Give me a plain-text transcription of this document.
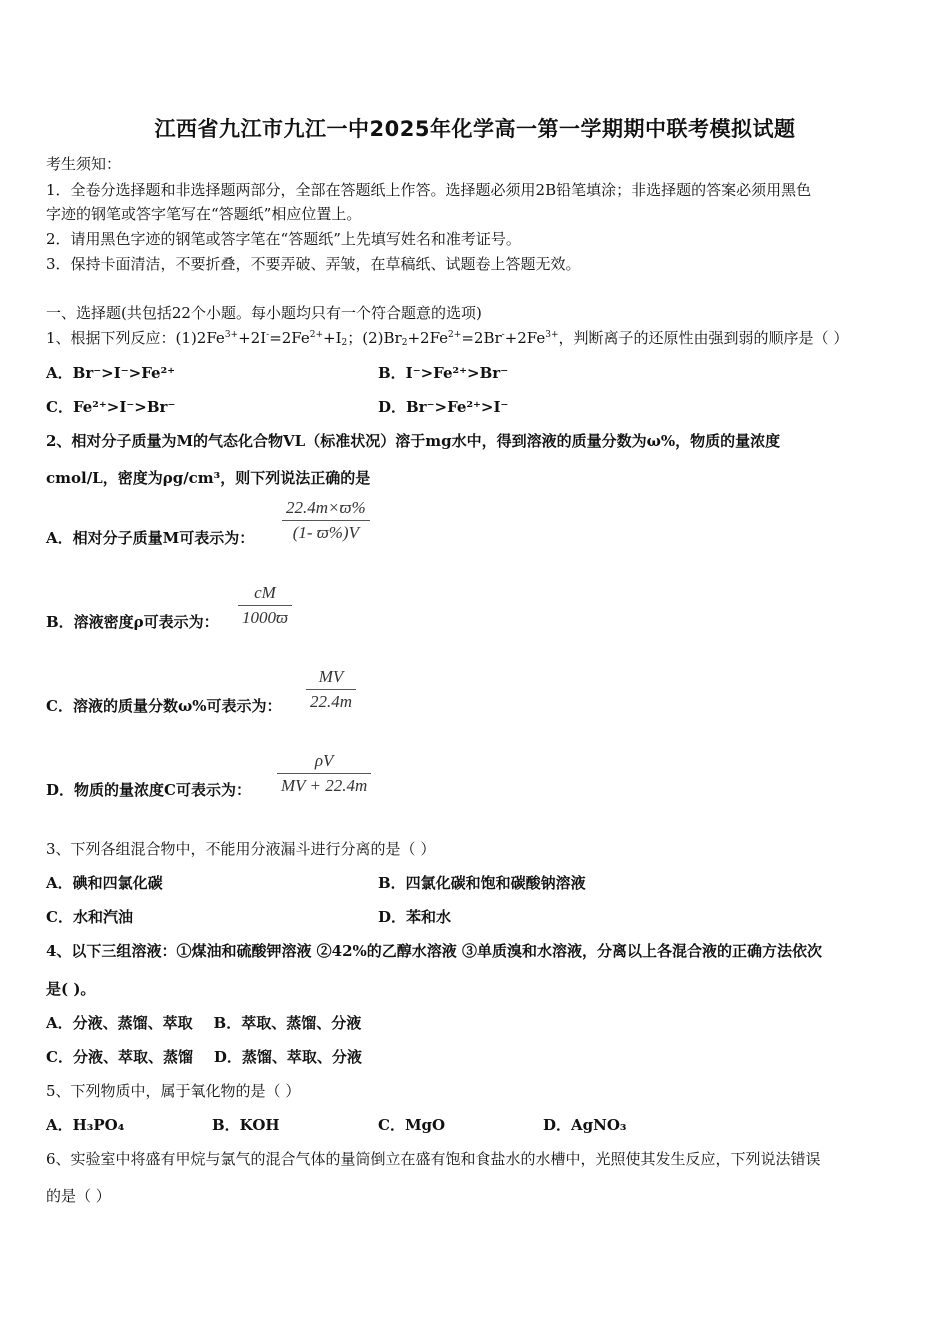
江西省九江市九江一中2025年化学高一第一学期期中联考模拟试题
考生须知：
1．全卷分选择题和非选择题两部分，全部在答题纸上作答。选择题必须用2B铅笔填涂；非选择题的答案必须用黑色
字迹的钢笔或答字笔写在“答题纸”相应位置上。
2．请用黑色字迹的钢笔或答字笔在“答题纸”上先填写姓名和准考证号。
3．保持卡面清洁，不要折叠，不要弄破、弄皱，在草稿纸、试题卷上答题无效。
一、选择题(共包括22个小题。每小题均只有一个符合题意的选项)
1、根据下列反应：$(1)2Fe^{3+}+2I^-=2Fe^{2+}+I_2$；$(2)Br_2+2Fe^{2+}=2Br^-+2Fe^{3+}$，判断离子的还原性由强到弱的顺序是（ ）
A．Br⁻>I⁻>Fe²⁺	B．I⁻>Fe²⁺>Br⁻
C．Fe²⁺>I⁻>Br⁻	D．Br⁻>Fe²⁺>I⁻
2、相对分子质量为M的气态化合物VL（标准状况）溶于mg水中，得到溶液的质量分数为ω%，物质的量浓度
cmol/L，密度为ρg/cm³，则下列说法正确的是
A．相对分子质量M可表示为： $\frac{22.4m\times ϖ\%}{(1- ϖ\%)V}$
B．溶液密度ρ可表示为： $\frac{cM}{1000ϖ}$
C．溶液的质量分数ω%可表示为： $\frac{MV}{22.4m}$
D．物质的量浓度C可表示为： $\frac{\rho V}{MV + 22.4m}$
3、下列各组混合物中，不能用分液漏斗进行分离的是（ ）
A．碘和四氯化碳	B．四氯化碳和饱和碳酸钠溶液
C．水和汽油	D．苯和水
4、以下三组溶液：①煤油和硫酸钾溶液 ②42%的乙醇水溶液 ③单质溴和水溶液，分离以上各混合液的正确方法依次
是( )。
A．分液、蒸馏、萃取    B．萃取、蒸馏、分液
C．分液、萃取、蒸馏    D．蒸馏、萃取、分液
5、下列物质中，属于氧化物的是（ ）
A．H₃PO₄	B．KOH	C．MgO	D．AgNO₃
6、实验室中将盛有甲烷与氯气的混合气体的量筒倒立在盛有饱和食盐水的水槽中，光照使其发生反应，下列说法错误
的是（ ）
